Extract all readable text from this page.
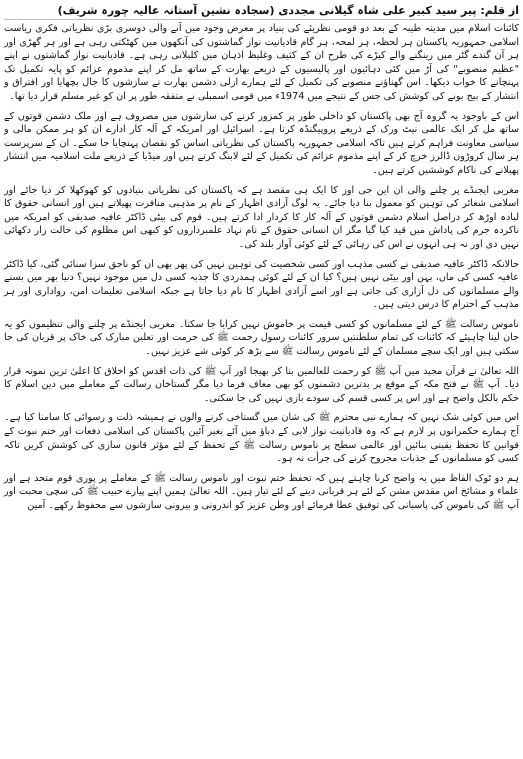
از قلم: پیر سید کبیر علی شاہ گیلانی مجددی (سجادہ نشین آستانہ عالیہ چورہ شریف)

کائنات اسلام میں مدینہ طیبہ کے بعد دو قومی نظریئے کی بنیاد پر معرض وجود میں آنے والی دوسری بڑی نظریاتی فکری ریاست اسلامی جمہوریہ پاکستان ہر لحظہ، ہر لمحہ، ہر گام قادیانیت نواز گماشتوں کی آنکھوں میں کھٹکتی رہی ہے اور ہر گھڑی اور ہر آن گندے گٹر میں رینگنے والے کیڑے کی طرح ان کے کثیف وغلیظ اذہان میں کلبلاتی رہی ہے۔ قادیانیت نواز گماشتوں نے اپنے "عظیم منصوبے" کی آڑ میں کئی دہائیوں اور پالیسیوں کے ذریعے بھارت کے ساتھ مل کر اپنے مذموم عزائم کو پایہ تکمیل تک پہنچانے کا خواب دیکھا۔ اس گھناؤنے منصوبے کی تکمیل کے لئے ہمارے ازلی دشمن بھارت نے سازشوں کا جال بچھایا اور افتراق و انتشار کے بیج بونے کی کوشش کی جس کے نتیجے میں 1974ء میں قومی اسمبلی نے متفقہ طور پر ان کو غیر مسلم قرار دیا تھا۔

اس کے باوجود یہ گروہ آج بھی پاکستان کو داخلی طور پر کمزور کرنے کی سازشوں میں مصروف ہے اور ملک دشمن قوتوں کے ساتھ مل کر ایک عالمی نیٹ ورک کے ذریعے پروپیگنڈہ کرتا ہے۔ اسرائیل اور امریکہ کے آلہ کار ادارے ان کو ہر ممکن مالی و سیاسی معاونت فراہم کرتے ہیں تاکہ اسلامی جمہوریہ پاکستان کی نظریاتی اساس کو نقصان پہنچایا جا سکے۔ ان کے سرپرست ہر سال کروڑوں ڈالرز خرچ کر کے اپنے مذموم عزائم کی تکمیل کے لئے لابنگ کرتے ہیں اور میڈیا کے ذریعے ملت اسلامیہ میں انتشار پھیلانے کی ناکام کوششیں کرتے ہیں۔

مغربی ایجنڈے پر چلنے والی ان این جی اوز کا ایک ہی مقصد ہے کہ پاکستان کی نظریاتی بنیادوں کو کھوکھلا کر دیا جائے اور اسلامی شعائر کی توہین کو معمول بنا دیا جائے۔ یہ لوگ آزادی اظہار کے نام پر مذہبی منافرت پھیلاتے ہیں اور انسانی حقوق کا لبادہ اوڑھ کر دراصل اسلام دشمن قوتوں کے آلہ کار کا کردار ادا کرتے ہیں۔ قوم کی بیٹی ڈاکٹر عافیہ صدیقی کو امریکہ میں ناکردہ جرم کی پاداش میں قید کیا گیا مگر ان انسانی حقوق کے نام نہاد علمبرداروں کو کبھی اس مظلوم کی حالت زار دکھائی نہیں دی اور نہ ہی انہوں نے اس کی رہائی کے لئے کوئی آواز بلند کی۔

حالانکہ ڈاکٹر عافیہ صدیقی نے کسی مذہب اور کسی شخصیت کی توہین نہیں کی پھر بھی ان کو ناحق سزا سنائی گئی، کیا ڈاکٹر عافیہ کسی کی ماں، بہن اور بیٹی نہیں ہیں؟ کیا ان کے لئے کوئی ہمدردی کا جذبہ کسی دل میں موجود نہیں؟ دنیا بھر میں بسنے والے مسلمانوں کی دل آزاری کی جاتی ہے اور اسے آزادی اظہار کا نام دیا جاتا ہے جبکہ اسلامی تعلیمات امن، رواداری اور ہر مذہب کے احترام کا درس دیتی ہیں۔

ناموس رسالت ﷺ کے لئے مسلمانوں کو کسی قیمت پر خاموش نہیں کرایا جا سکتا۔ مغربی ایجنڈے پر چلنے والی تنظیموں کو یہ جان لینا چاہیئے کہ کائنات کی تمام سلطنتیں سرور کائنات رسول رحمت ﷺ کی حرمت اور تعلین مبارک کی خاک پر قربان کی جا سکتی ہیں اور ایک سچے مسلمان کے لئے ناموس رسالت ﷺ سے بڑھ کر کوئی شے عزیز نہیں۔

اللہ تعالیٰ نے قرآن مجید میں آپ ﷺ کو رحمت للعالمین بنا کر بھیجا اور آپ ﷺ کی ذات اقدس کو اخلاق کا اعلیٰ ترین نمونہ قرار دیا۔ آپ ﷺ نے فتح مکہ کے موقع پر بدترین دشمنوں کو بھی معاف فرما دیا مگر گستاخان رسالت کے معاملے میں دین اسلام کا حکم بالکل واضح ہے اور اس پر کسی قسم کی سودے بازی نہیں کی جا سکتی۔

اس میں کوئی شک نہیں کہ ہمارے نبی محترم ﷺ کی شان میں گستاخی کرنے والوں نے ہمیشہ ذلت و رسوائی کا سامنا کیا ہے۔ آج ہمارے حکمرانوں پر لازم ہے کہ وہ قادیانیت نواز لابی کے دباؤ میں آئے بغیر آئین پاکستان کی اسلامی دفعات اور ختم نبوت کے قوانین کا تحفظ یقینی بنائیں اور عالمی سطح پر ناموس رسالت ﷺ کے تحفظ کے لئے مؤثر قانون سازی کی کوشش کریں تاکہ کسی کو مسلمانوں کے جذبات مجروح کرنے کی جرأت نہ ہو۔

ہم دو ٹوک الفاظ میں یہ واضح کرنا چاہتے ہیں کہ تحفظ ختم نبوت اور ناموس رسالت ﷺ کے معاملے پر پوری قوم متحد ہے اور علماء و مشائخ اس مقدس مشن کے لئے ہر قربانی دینے کے لئے تیار ہیں۔ اللہ تعالیٰ ہمیں اپنے پیارے حبیب ﷺ کی سچی محبت اور آپ ﷺ کی ناموس کی پاسبانی کی توفیق عطا فرمائے اور وطن عزیز کو اندرونی و بیرونی سازشوں سے محفوظ رکھے۔ آمین
